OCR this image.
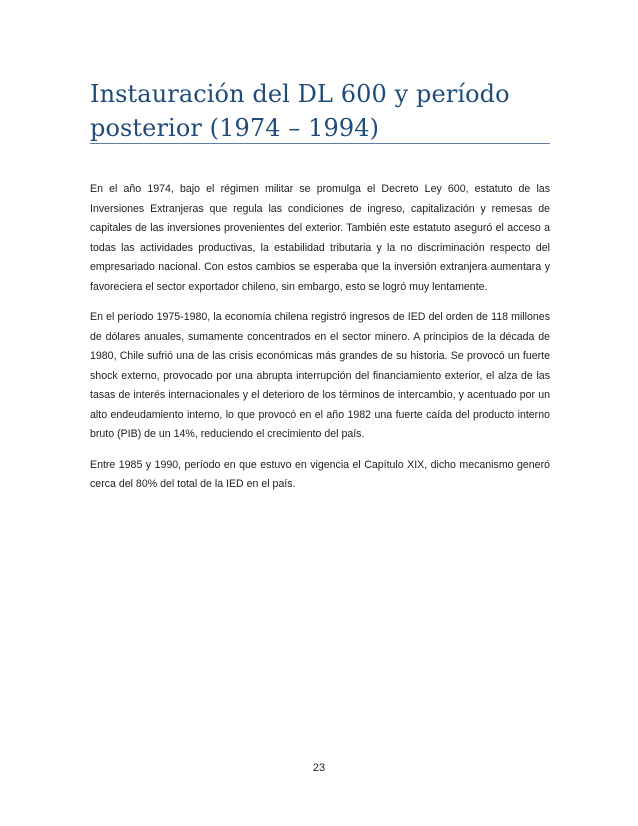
Instauración del DL 600 y período
posterior (1974 – 1994)

En el año 1974, bajo el régimen militar se promulga el Decreto Ley 600, estatuto de las Inversiones Extranjeras que regula las condiciones de ingreso, capitalización y remesas de capitales de las inversiones provenientes del exterior. También este estatuto aseguró el acceso a todas las actividades productivas, la estabilidad tributaria y la no discriminación respecto del empresariado nacional. Con estos cambios se esperaba que la inversión extranjera aumentara y favoreciera el sector exportador chileno, sin embargo, esto se logró muy lentamente.

En el período 1975-1980, la economía chilena registró ingresos de IED del orden de 118 millones de dólares anuales, sumamente concentrados en el sector minero. A principios de la década de 1980, Chile sufrió una de las crisis económicas más grandes de su historia. Se provocó un fuerte shock externo, provocado por una abrupta interrupción del financiamiento exterior, el alza de las tasas de interés internacionales y el deterioro de los términos de intercambio, y acentuado por un alto endeudamiento interno, lo que provocó en el año 1982 una fuerte caída del producto interno bruto (PIB) de un 14%, reduciendo el crecimiento del país.

Entre 1985 y 1990, período en que estuvo en vigencia el Capítulo XIX, dicho mecanismo generó cerca del 80% del total de la IED en el país.

23
